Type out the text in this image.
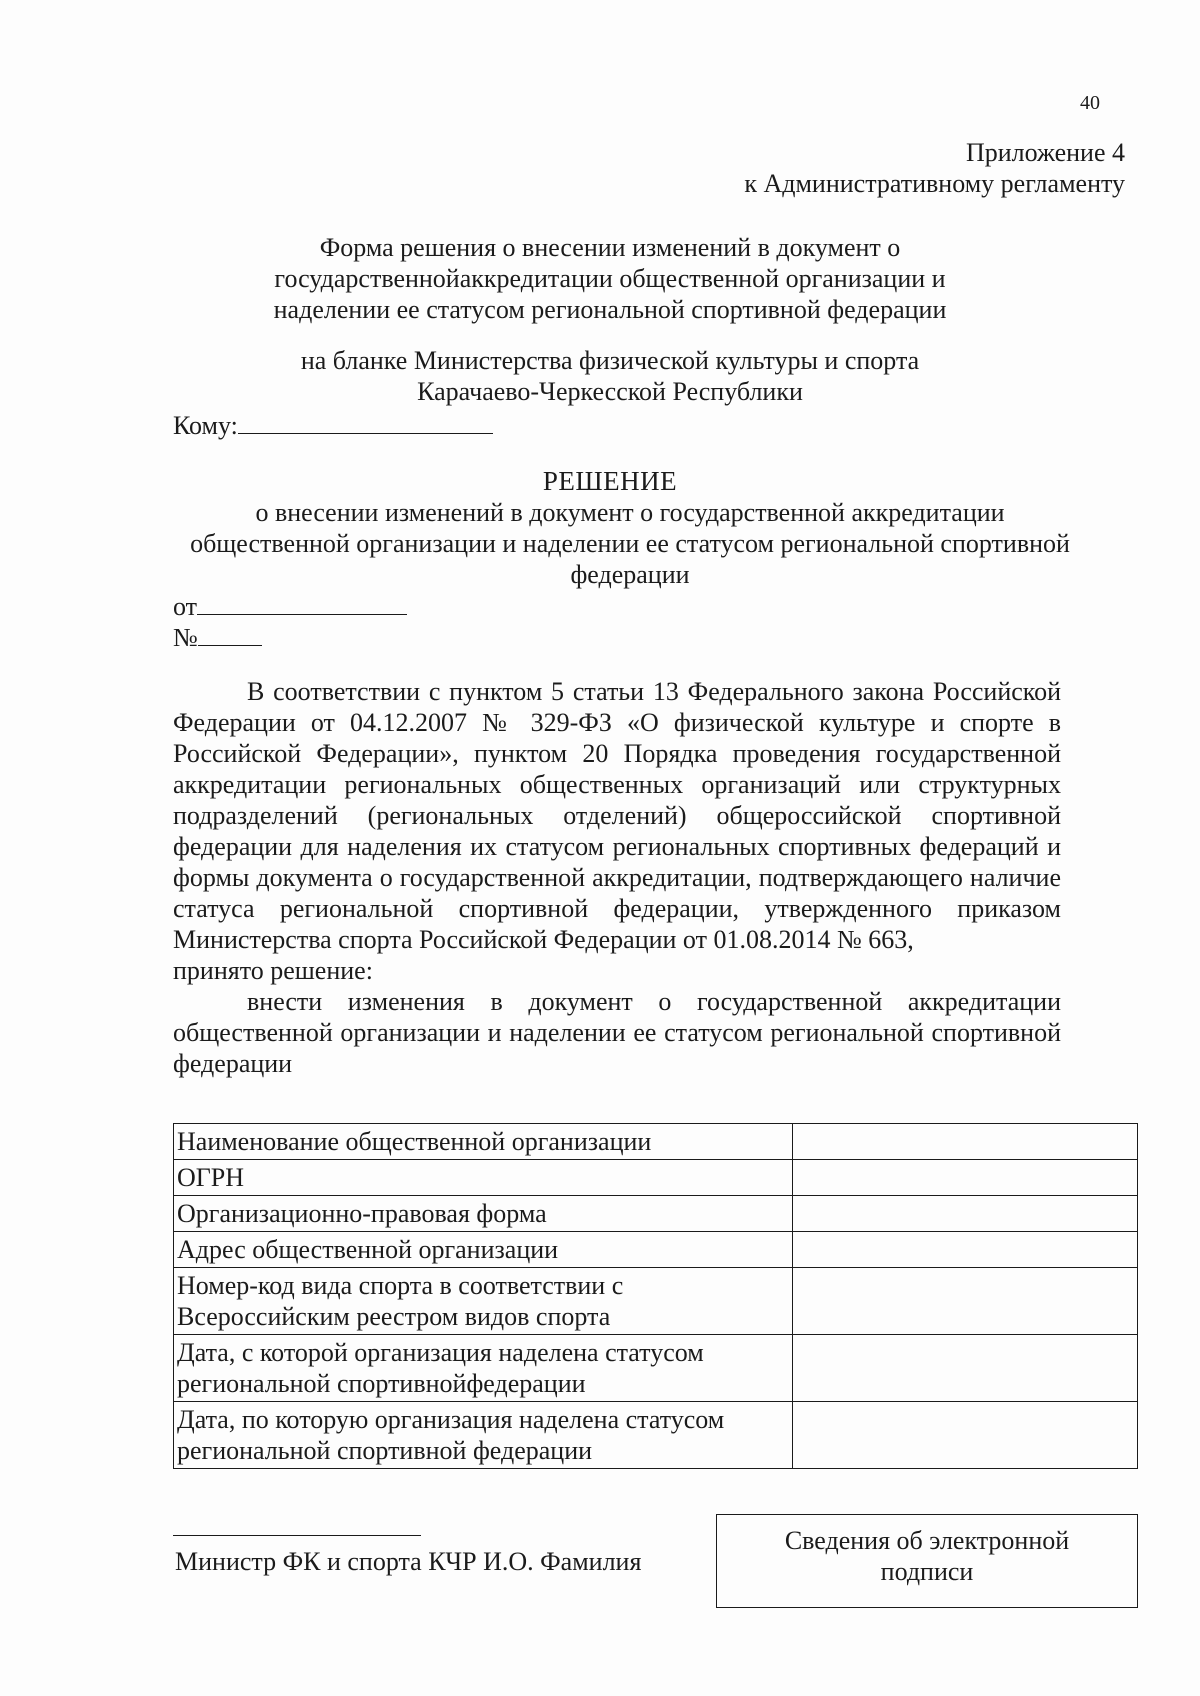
40
Приложение 4
к Административному регламенту
Форма решения о внесении изменений в документ о
государственнойаккредитации общественной организации и
наделении ее статусом региональной спортивной федерации
на бланке Министерства физической культуры и спорта
Карачаево-Черкесской Республики
Кому:
РЕШЕНИЕ
о внесении изменений в документ о государственной аккредитации
общественной организации и наделении ее статусом региональной спортивной
федерации
от
№

В соответствии с пунктом 5 статьи 13 Федерального закона Российской Федерации от 04.12.2007 № 329-ФЗ «О физической культуре и спорте в Российской Федерации», пунктом 20 Порядка проведения государственной аккредитации региональных общественных организаций или структурных подразделений (региональных отделений) общероссийской спортивной федерации для наделения их статусом региональных спортивных федераций и формы документа о государственной аккредитации, подтверждающего наличие статуса региональной спортивной федерации, утвержденного приказом Министерства спорта Российской Федерации от 01.08.2014 № 663,

принято решение:

внести изменения в документ о государственной аккредитации общественной организации и наделении ее статусом региональной спортивной федерации

Наименование общественной организации	
ОГРН	
Организационно-правовая форма	
Адрес общественной организации	
Номер-код вида спорта в соответствии с Всероссийским реестром видов спорта	
Дата, с которой организация наделена статусом региональной спортивнойфедерации	
Дата, по которую организация наделена статусом региональной спортивной федерации	
Министр ФК и спорта КЧР И.О. Фамилия
Сведения об электронной
подписи
